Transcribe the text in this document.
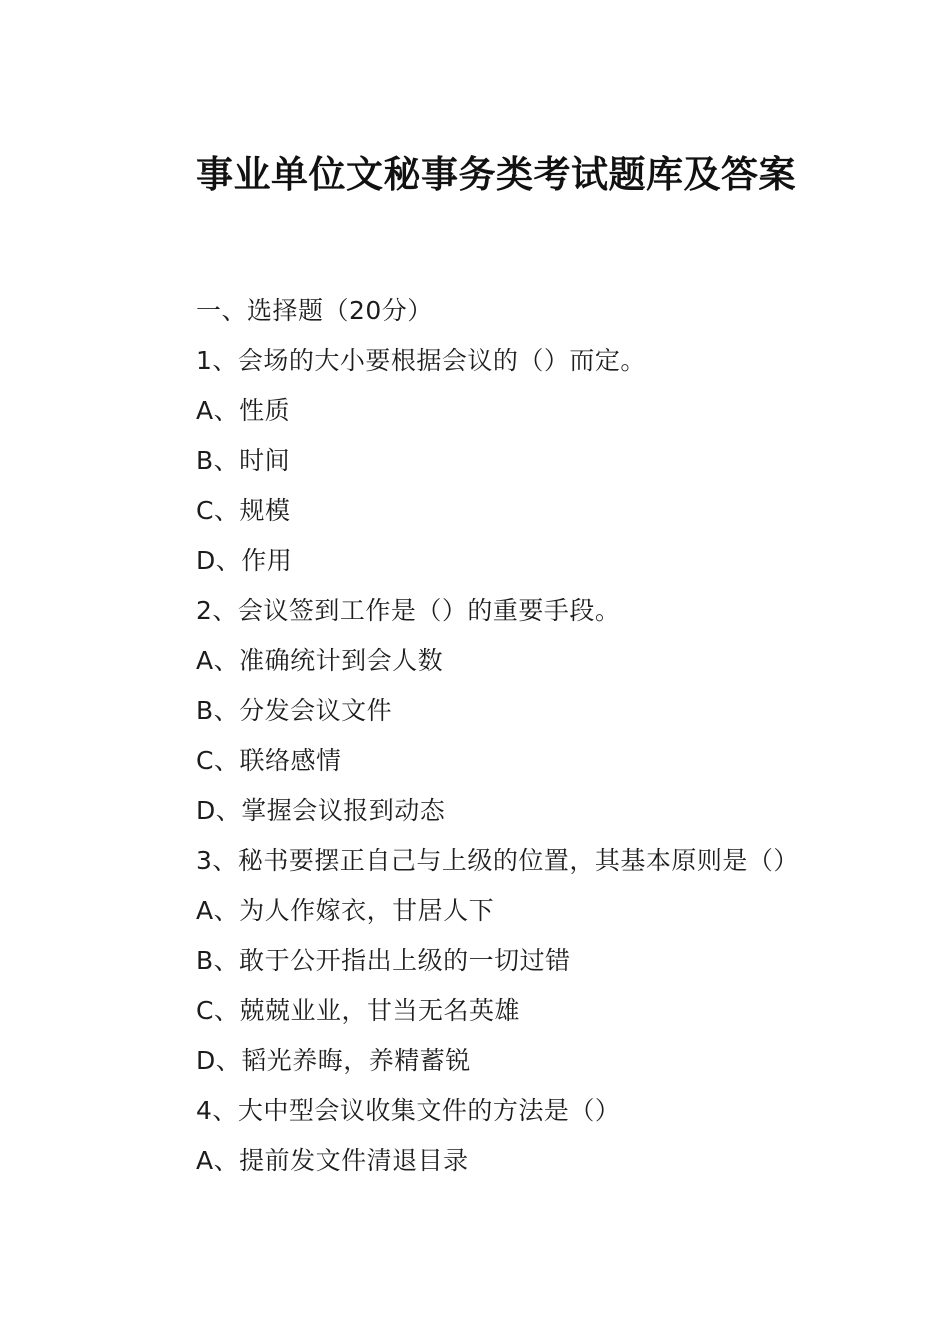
事业单位文秘事务类考试题库及答案

一、选择题（20分）

1、会场的大小要根据会议的（）而定。

A、性质

B、时间

C、规模

D、作用

2、会议签到工作是（）的重要手段。

A、准确统计到会人数

B、分发会议文件

C、联络感情

D、掌握会议报到动态

3、秘书要摆正自己与上级的位置，其基本原则是（）

A、为人作嫁衣，甘居人下

B、敢于公开指出上级的一切过错

C、兢兢业业，甘当无名英雄

D、韬光养晦，养精蓄锐

4、大中型会议收集文件的方法是（）

A、提前发文件清退目录
